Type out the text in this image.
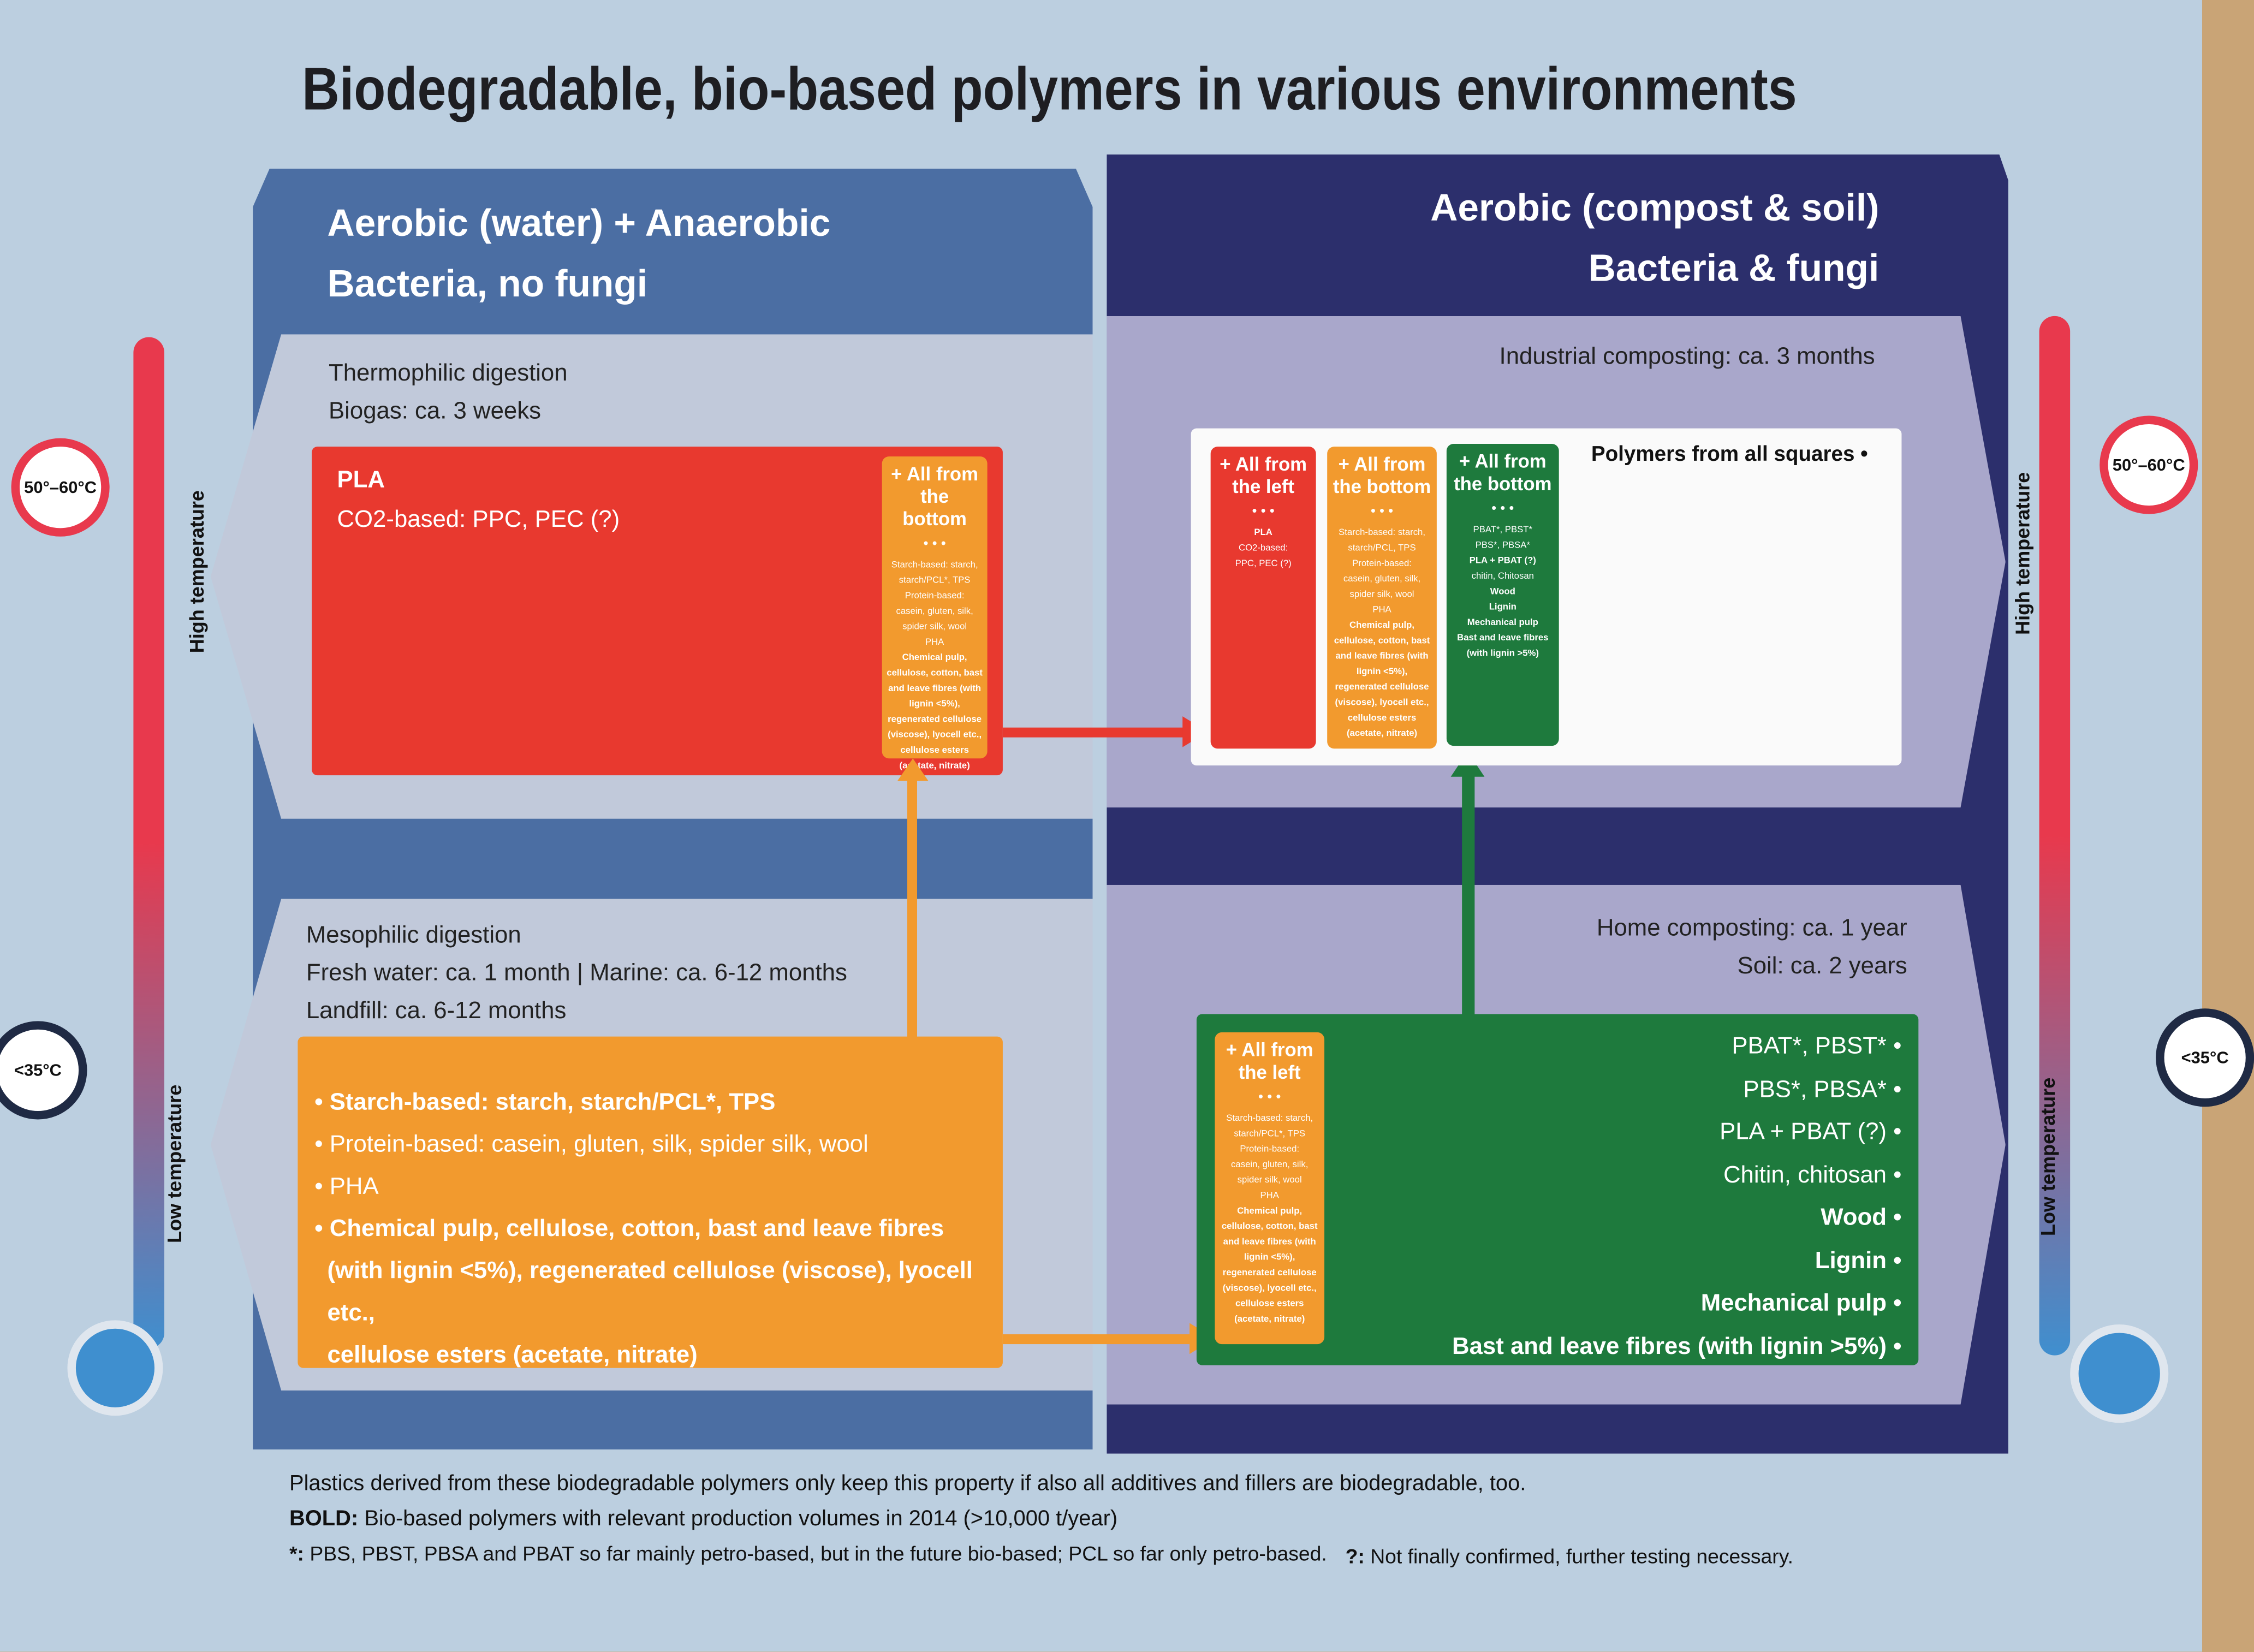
Biodegradable, bio-based polymers in various environments
Aerobic (water) + Anaerobic
Bacteria, no fungi
Aerobic (compost & soil)
Bacteria & fungi
Thermophilic digestion
Biogas: ca. 3 weeks
PLA
CO2-based: PPC, PEC (?)
+ All from the bottom
• • •
Starch-based: starch, starch/PCL*, TPS
Protein-based:
casein, gluten, silk,
spider silk, wool
PHA
Chemical pulp, cellulose, cotton, bast and leave fibres (with lignin <5%), regenerated cellulose (viscose), lyocell etc., cellulose esters (acetate, nitrate)
Mesophilic digestion
Fresh water: ca. 1 month | Marine: ca. 6-12 months
Landfill: ca. 6-12 months
• Starch-based: starch, starch/PCL*, TPS
• Protein-based: casein, gluten, silk, spider silk, wool
• PHA
• Chemical pulp, cellulose, cotton, bast and leave fibres
(with lignin <5%), regenerated cellulose (viscose), lyocell etc.,
cellulose esters (acetate, nitrate)
Industrial composting: ca. 3 months
Polymers from all squares •
+ All from the left
• • •
PLA
CO2-based:
PPC, PEC (?)
+ All from the bottom
• • •
Starch-based: starch, starch/PCL, TPS
Protein-based:
casein, gluten, silk,
spider silk, wool
PHA
Chemical pulp, cellulose, cotton, bast and leave fibres (with lignin <5%), regenerated cellulose (viscose), lyocell etc., cellulose esters (acetate, nitrate)
+ All from the bottom
• • •
PBAT*, PBST*
PBS*, PBSA*
PLA + PBAT (?)
chitin, Chitosan
Wood
Lignin
Mechanical pulp
Bast and leave fibres (with lignin >5%)
Home composting: ca. 1 year
Soil: ca. 2 years
PBAT*, PBST* •
PBS*, PBSA* •
PLA + PBAT (?) •
Chitin, chitosan •
Wood •
Lignin •
Mechanical pulp •
Bast and leave fibres (with lignin >5%) •
+ All from the left
• • •
Starch-based: starch, starch/PCL*, TPS
Protein-based:
casein, gluten, silk,
spider silk, wool
PHA
Chemical pulp, cellulose, cotton, bast and leave fibres (with lignin <5%), regenerated cellulose (viscose), lyocell etc., cellulose esters (acetate, nitrate)
50°–60°C
<35°C
High temperature
Low temperature
50°–60°C
<35°C
High temperature
Low temperature
Plastics derived from these biodegradable polymers only keep this property if also all additives and fillers are biodegradable, too.
BOLD: Bio-based polymers with relevant production volumes in 2014 (>10,000 t/year)
*: PBS, PBST, PBSA and PBAT so far mainly petro-based, but in the future bio-based; PCL so far only petro-based. ?: Not finally confirmed, further testing necessary.
